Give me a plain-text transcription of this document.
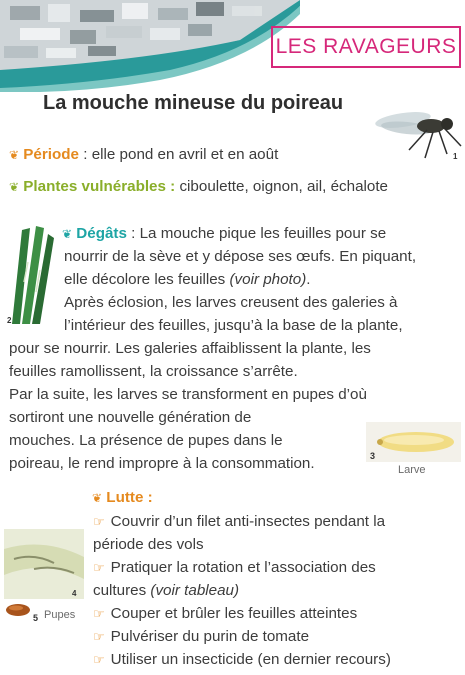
LES RAVAGEURS
La mouche mineuse du poireau
1
❦ Période : elle pond en avril et en août
❦ Plantes vulnérables : ciboulette, oignon, ail, échalote
2
❦ Dégâts : La mouche pique les feuilles pour se
nourrir de la sève et y dépose ses œufs. En piquant,
elle décolore les feuilles (voir photo).
Après éclosion, les larves creusent des galeries à
l’intérieur des feuilles, jusqu’à la base de la plante,
pour se nourrir. Les galeries affaiblissent la plante, les
feuilles ramollissent, la croissance s’arrête.
Par la suite, les larves se transforment en pupes d’où
sortiront une nouvelle génération de
mouches. La présence de pupes dans le
poireau, le rend impropre à la consommation.	3
Larve
❦ Lutte :
☞ Couvrir d’un filet anti-insectes pendant la
période des vols
☞ Pratiquer la rotation et l’association des
cultures (voir tableau)
☞ Couper et brûler les feuilles atteintes
☞ Pulvériser du purin de tomate
☞ Utiliser un insecticide (en dernier recours)
4
5 Pupes
